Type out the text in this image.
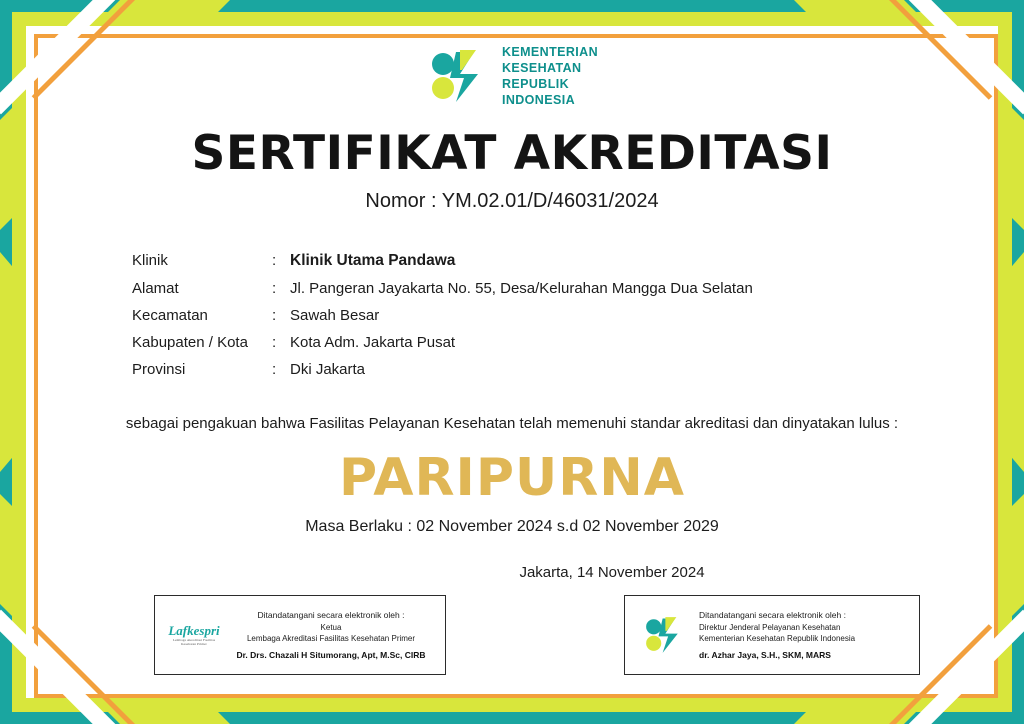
KEMENTERIAN
KESEHATAN
REPUBLIK
INDONESIA
SERTIFIKAT AKREDITASI
Nomor : YM.02.01/D/46031/2024
Klinik	:	Klinik Utama Pandawa
Alamat	:	Jl. Pangeran Jayakarta No. 55, Desa/Kelurahan Mangga Dua Selatan
Kecamatan	:	Sawah Besar
Kabupaten / Kota	:	Kota Adm. Jakarta Pusat
Provinsi	:	Dki Jakarta
sebagai pengakuan bahwa Fasilitas Pelayanan Kesehatan telah memenuhi standar akreditasi dan dinyatakan lulus :
PARIPURNA
Masa Berlaku : 02 November 2024 s.d 02 November 2029
Jakarta, 14 November 2024
Lafkespri
Lembaga Akreditasi Fasilitas Kesehatan Primer
Ditandatangani secara elektronik oleh :
Ketua
Lembaga Akreditasi Fasilitas Kesehatan Primer
Dr. Drs. Chazali H Situmorang, Apt, M.Sc, CIRB
Ditandatangani secara elektronik oleh :
Direktur Jenderal Pelayanan Kesehatan
Kementerian Kesehatan Republik Indonesia
dr. Azhar Jaya, S.H., SKM, MARS
